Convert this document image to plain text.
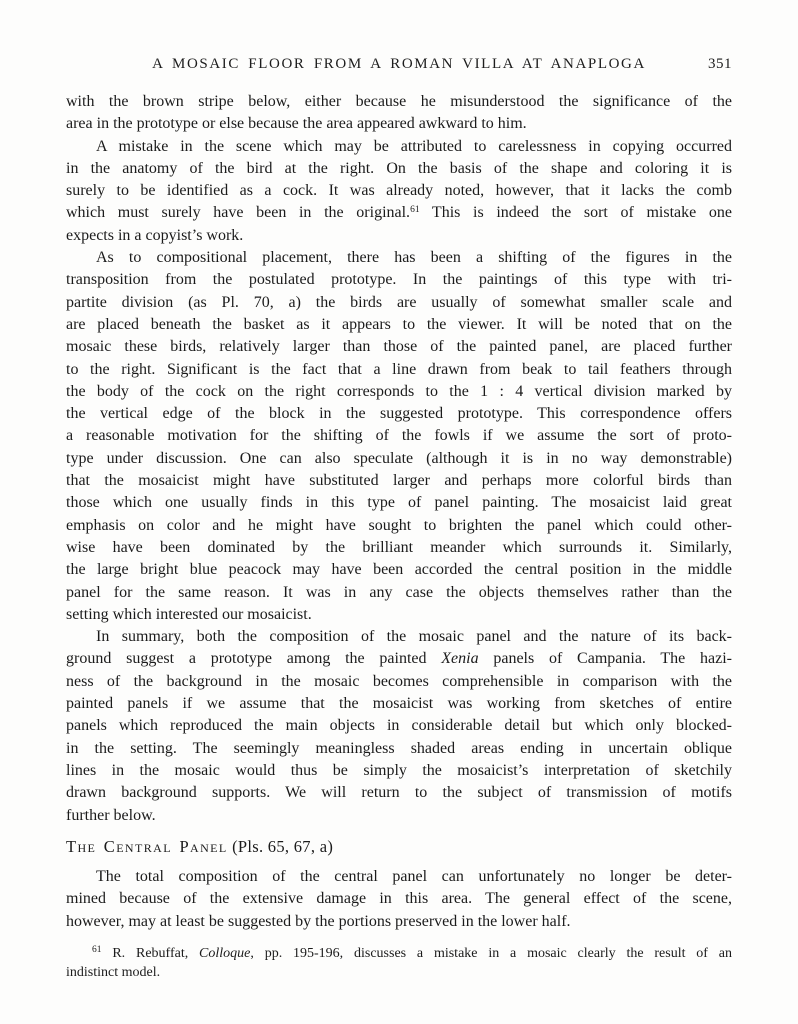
A MOSAIC FLOOR FROM A ROMAN VILLA AT ANAPLOGA	351
with the brown stripe below, either because he misunderstood the significance of the
area in the prototype or else because the area appeared awkward to him.
A mistake in the scene which may be attributed to carelessness in copying occurred
in the anatomy of the bird at the right. On the basis of the shape and coloring it is
surely to be identified as a cock. It was already noted, however, that it lacks the comb
which must surely have been in the original.$^{61}$ This is indeed the sort of mistake one
expects in a copyist’s work.
As to compositional placement, there has been a shifting of the figures in the
transposition from the postulated prototype. In the paintings of this type with tri-
partite division (as Pl. 70, a) the birds are usually of somewhat smaller scale and
are placed beneath the basket as it appears to the viewer. It will be noted that on the
mosaic these birds, relatively larger than those of the painted panel, are placed further
to the right. Significant is the fact that a line drawn from beak to tail feathers through
the body of the cock on the right corresponds to the 1 : 4 vertical division marked by
the vertical edge of the block in the suggested prototype. This correspondence offers
a reasonable motivation for the shifting of the fowls if we assume the sort of proto-
type under discussion. One can also speculate (although it is in no way demonstrable)
that the mosaicist might have substituted larger and perhaps more colorful birds than
those which one usually finds in this type of panel painting. The mosaicist laid great
emphasis on color and he might have sought to brighten the panel which could other-
wise have been dominated by the brilliant meander which surrounds it. Similarly,
the large bright blue peacock may have been accorded the central position in the middle
panel for the same reason. It was in any case the objects themselves rather than the
setting which interested our mosaicist.
In summary, both the composition of the mosaic panel and the nature of its back-
ground suggest a prototype among the painted Xenia panels of Campania. The hazi-
ness of the background in the mosaic becomes comprehensible in comparison with the
painted panels if we assume that the mosaicist was working from sketches of entire
panels which reproduced the main objects in considerable detail but which only blocked-
in the setting. The seemingly meaningless shaded areas ending in uncertain oblique
lines in the mosaic would thus be simply the mosaicist’s interpretation of sketchily
drawn background supports. We will return to the subject of transmission of motifs
further below.
The Central Panel (Pls. 65, 67, a)
The total composition of the central panel can unfortunately no longer be deter-
mined because of the extensive damage in this area. The general effect of the scene,
however, may at least be suggested by the portions preserved in the lower half.
$^{61}$ R. Rebuffat, Colloque, pp. 195-196, discusses a mistake in a mosaic clearly the result of an
indistinct model.
